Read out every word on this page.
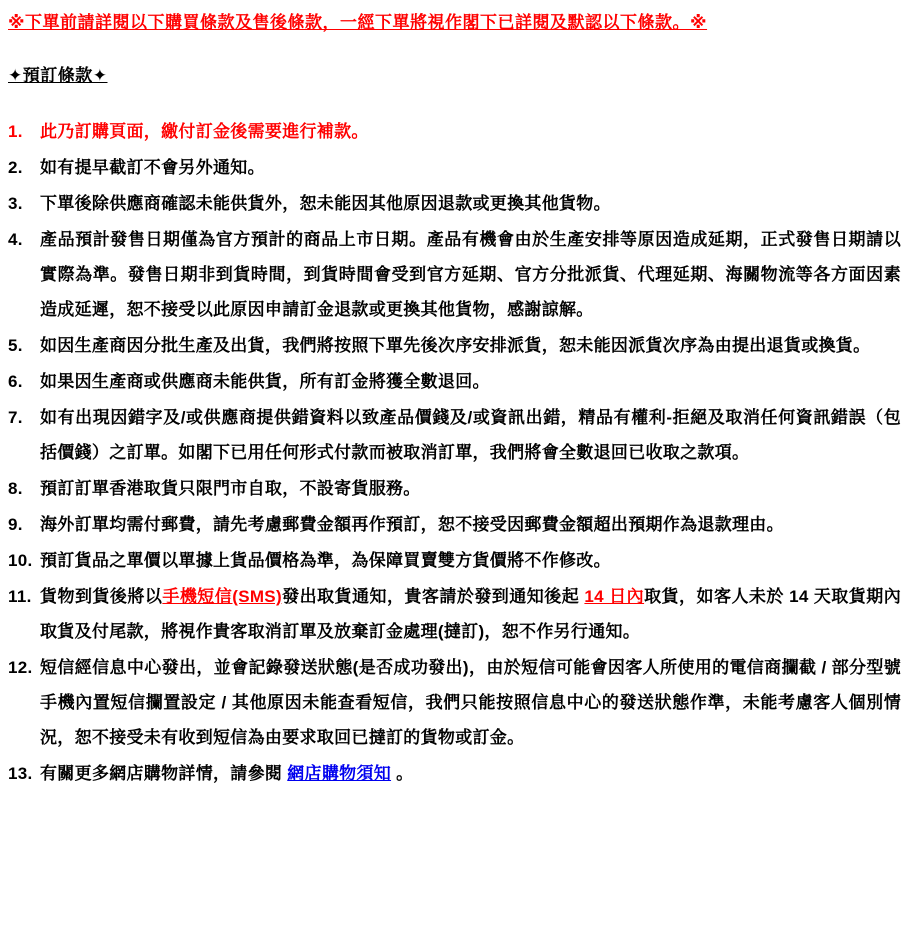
※下單前請詳閱以下購買條款及售後條款，一經下單將視作閣下已詳閱及默認以下條款。※
✦預訂條款✦
1.	此乃訂購頁面，繳付訂金後需要進行補款。
2.	如有提早截訂不會另外通知。
3.	下單後除供應商確認未能供貨外，恕未能因其他原因退款或更換其他貨物。
4.	產品預計發售日期僅為官方預計的商品上市日期。產品有機會由於生產安排等原因造成延期，正式發售日期請以實際為準。發售日期非到貨時間，到貨時間會受到官方延期、官方分批派貨、代理延期、海關物流等各方面因素造成延遲，恕不接受以此原因申請訂金退款或更換其他貨物，感謝諒解。
5.	如因生產商因分批生產及出貨，我們將按照下單先後次序安排派貨，恕未能因派貨次序為由提出退貨或換貨。
6.	如果因生產商或供應商未能供貨，所有訂金將獲全數退回。
7.	如有出現因錯字及/或供應商提供錯資料以致產品價錢及/或資訊出錯，精品有權利-拒絕及取消任何資訊錯誤（包括價錢）之訂單。如閣下已用任何形式付款而被取消訂單，我們將會全數退回已收取之款項。
8.	預訂訂單香港取貨只限門市自取，不設寄貨服務。
9.	海外訂單均需付郵費，請先考慮郵費金額再作預訂，恕不接受因郵費金額超出預期作為退款理由。
10. 預訂貨品之單價以單據上貨品價格為準，為保障買賣雙方貨價將不作修改。
11. 貨物到貨後將以手機短信(SMS)發出取貨通知，貴客請於發到通知後起 14 日內取貨，如客人未於 14 天取貨期內取貨及付尾款，將視作貴客取消訂單及放棄訂金處理(撻訂)，恕不作另行通知。
12. 短信經信息中心發出，並會記錄發送狀態(是否成功發出)，由於短信可能會因客人所使用的電信商攔截 / 部分型號手機內置短信攔置設定 / 其他原因未能查看短信，我們只能按照信息中心的發送狀態作準，未能考慮客人個別情況，恕不接受未有收到短信為由要求取回已撻訂的貨物或訂金。
13. 有關更多網店購物詳情，請參閱 網店購物須知 。
